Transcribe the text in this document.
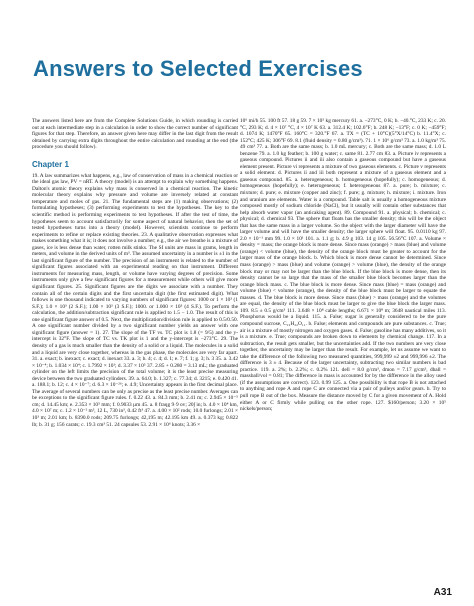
Answers to Selected Exercises

The answers listed here are from the Complete Solutions Guide, in which rounding is carried out at each intermediate step in a calculation in order to show the correct number of significant figures for that step. Therefore, an answer given here may differ in the last digit from the result obtained by carrying extra digits throughout the entire calculation and rounding at the end (the procedure you should follow).

Chapter 1

19. A law summarizes what happens, e.g., law of conservation of mass in a chemical reaction or the ideal gas law, PV = nRT. A theory (model) is an attempt to explain why something happens. Dalton's atomic theory explains why mass is conserved in a chemical reaction. The kinetic molecular theory explains why pressure and volume are inversely related at constant temperature and moles of gas. 21. The fundamental steps are (1) making observations; (2) formulating hypotheses; (3) performing experiments to test the hypotheses. The key to the scientific method is performing experiments to test hypotheses. If after the test of time, the hypotheses seem to account satisfactorily for some aspect of natural behavior, then the set of tested hypotheses turns into a theory (model). However, scientists continue to perform experiments to refine or replace existing theories. 23. A qualitative observation expresses what makes something what it is; it does not involve a number; e.g., the air we breathe is a mixture of gases, ice is less dense than water, rotten milk stinks. The SI units are mass in grams, length in meters, and volume in the derived units of m³. The assumed uncertainty in a number is ±1 in the last significant figure of the number. The precision of an instrument is related to the number of significant figures associated with an experimental reading on that instrument. Different instruments for measuring mass, length, or volume have varying degrees of precision. Some instruments only give a few significant figures for a measurement while others will give more significant figures. 25. Significant figures are the digits we associate with a number. They contain all of the certain digits and the first uncertain digit (the first estimated digit). What follows is one thousand indicated to varying numbers of significant figures: 1000 or 1 × 10³ (1 S.F.); 1.0 × 10³ (2 S.F.); 1.00 × 10³ (3 S.F.); 1000. or 1.000 × 10³ (4 S.F.). To perform the calculation, the addition/subtraction significant rule is applied to 1.5 − 1.0. The result of this is one significant figure answer of 0.5. Next, the multiplication/division rule is applied to 0.5/0.50. A one significant number divided by a two significant number yields an answer with one significant figure (answer = 1). 27. The slope of the TF vs. TC plot is 1.8 (= 9/5) and the y-intercept is 32°F. The slope of TC vs. TK plot is 1 and the y-intercept is −273°C. 29. The density of a gas is much smaller than the density of a solid or a liquid. The molecules in a solid and a liquid are very close together, whereas in the gas phase, the molecules are very far apart. 31. a. exact; b. inexact; c. exact; d. inexact 33. a. 3; b. 4; c. 4; d. 1; e. 7; f. 1; g. 3; h. 3 35. a. 3.42 × 10⁻⁴; b. 1.034 × 10⁴; c. 1.7992 × 10¹; d. 3.37 × 10⁵ 37. 2.85 + 0.280 = 3.13 mL; the graduated cylinder on the left limits the precision of the total volume; it is the least precise measuring device between the two graduated cylinders. 39. a. 64.0; b. 1.327; c. 77.34; d. 3215; e. 0.420 41. a. 188.1; b. 12; c. 4 × 10⁻⁷; d. 6.3 × 10⁻²⁶; e. 4.9; Uncertainty appears in the first decimal place. The average of several numbers can be only as precise as the least precise number. Averages can be exceptions to the significant figure rules. f. 0.22 43. a. 84.3 mm; b. 2.41 m; c. 2.945 × 10⁻⁵ cm; d. 14.45 km; e. 2.353 × 10⁵ mm; f. 0.9033 µm 45. a. 8 fraqg 9·9 ov; 20∫ in; b. 4.0 × 10⁴ km, 4.0 × 10⁷ m; c. 1.2 × 10⁻² m³, 12 L, 730 in³, 0.42 ft³ 47. a. 4.00 × 10² rods; 10.0 furlongs; 2.01 × 10³ m; 2.01 km; b. 8390.0 rods; 209.75 furlongs; 42,195 m; 42.195 km 49. a. 0.373 kg; 0.822 lb; b. 31 g; 156 carats; c. 19.3 cm³ 51. 24 capsules 53. 2.91 × 10⁶ knots; 3.36 ×

10⁶ mi/h 55. 100 ft 57. 18 g 59. 7 × 10⁵ kg mercury 61. a. −273°C, 0 K; b. −40.°C, 233 K; c. 20.°C, 293 K; d. 4 × 10⁷ °C, 4 × 10⁷ K 63. a. 312.4 K; 102.6°F; b. 248 K; −13°F; c. 0 K; −459°F; d. 1074 K; 1470°F 65. 160°C = 320.°F 67. a. TX = (TC + 10°C)(5°X/14°C) b. 11.4°X; c. 152°C; 425 K; 306°F 69. 8.1 (fluid density = 0.80 g/cm³). 71. 1 × 10⁶ g/cm³ 73. a. 1.0 kg/m³ 75. 49 cm³ 77. a. Both are the same mass; b. 1.0 mL mercury; c. Both are the same mass; d. 1.0 L benzene 79. a. 1.0 kg feather; b. 100 g water; c. same 81. 2.77 cm 83. a. Picture iv represents a gaseous compound. Pictures ii and iii also contain a gaseous compound but have a gaseous element present. Picture vi represents a mixture of two gaseous elements. c. Picture v represents a solid element. d. Pictures ii and iii both represent a mixture of a gaseous element and a gaseous compound. 85. a. heterogeneous; b. homogeneous (hopefully); c. homogeneous; d. homogeneous (hopefully); e. heterogeneous; f. heterogeneous 87. a. pure; b. mixture; c. mixture; d. pure; e. mixture (copper and zinc); f. pure; g. mixture; h. mixture; i. mixture. Iron and uranium are elements. Water is a compound. Table salt is usually a homogeneous mixture composed mostly of sodium chloride (NaCl), but it usually will contain other substances that help absorb water vapor (an anticaking agent). 89. Compound 91. a. physical; b. chemical; c. physical; d. chemical 93. The sphere that floats has the smaller density; this will be the object that has the same mass in a larger volume. So the object with the larger diameter will have the larger volume and will have the smaller density; the larger sphere will float. 95. 0.0110 kg 97. 2.0 × 10⁻¹ mm 99. 1.0 × 10¹ 101. a. 1.1 g; b. 4.9 g 103. 14 g 105. 56.56°C 107. a. Volume × density = mass; the orange block is more dense. Since mass (orange) > mass (blue) and volume (orange) < volume (blue), the density of the orange block must be greater to account for the larger mass of the orange block. b. Which block is more dense cannot be determined. Since mass (orange) > mass (blue) and volume (orange) > volume (blue), the density of the orange block may or may not be larger than the blue block. If the blue block is more dense, then its density cannot be so large that the mass of the smaller blue block becomes larger than the orange block mass. c. The blue block is more dense. Since mass (blue) = mass (orange) and volume (blue) < volume (orange), the density of the blue block must be larger to equate the masses. d. The blue block is more dense. Since mass (blue) > mass (orange) and the volumes are equal, the density of the blue block must be larger to give the blue block the larger mass. 109. 8.5 ± 0.5 g/cm³ 111. 3.648 × 10⁸ cable lengths; 6.671 × 10⁸ m; 3648 nautical miles 113. Phosphorus would be a liquid. 115. a. False; sugar is generally considered to be the pure compound sucrose, C₁₂H₂₂O₁₁. b. False; elements and compounds are pure substances. c. True; air is a mixture of mostly nitrogen and oxygen gases. d. False; gasoline has many additives, so it is a mixture. e. True; compounds are broken down to elements by chemical change. 117. In a subtraction, the result gets smaller, but the uncertainties add. If the two numbers are very close together, the uncertainty may be larger than the result. For example, let us assume we want to take the difference of the following two measured quantities, 999,999 ±2 and 999,996 ±2. The difference is 3 ± 4. Because of the larger uncertainty, subtracting two similar numbers is bad practice. 119. a. 2%; b. 2.2%; c. 0.2% 121. dell = 8.0 g/cm³, dmon = 7.17 g/cm³, dball = massball/vol = 0.81; The difference in mass is accounted for by the difference in the alloy used (if the assumptions are correct). 123. 0.99 125. a. One possibility is that rope B is not attached to anything and rope A and rope C are connected via a pair of pulleys and/or gears. b. Try to pull rope B out of the box. Measure the distance moved by C for a given movement of A. Hold either A or C firmly while pulling on the other rope. 127. $160/person; 3.20 × 10⁵ nickels/person;

A31
